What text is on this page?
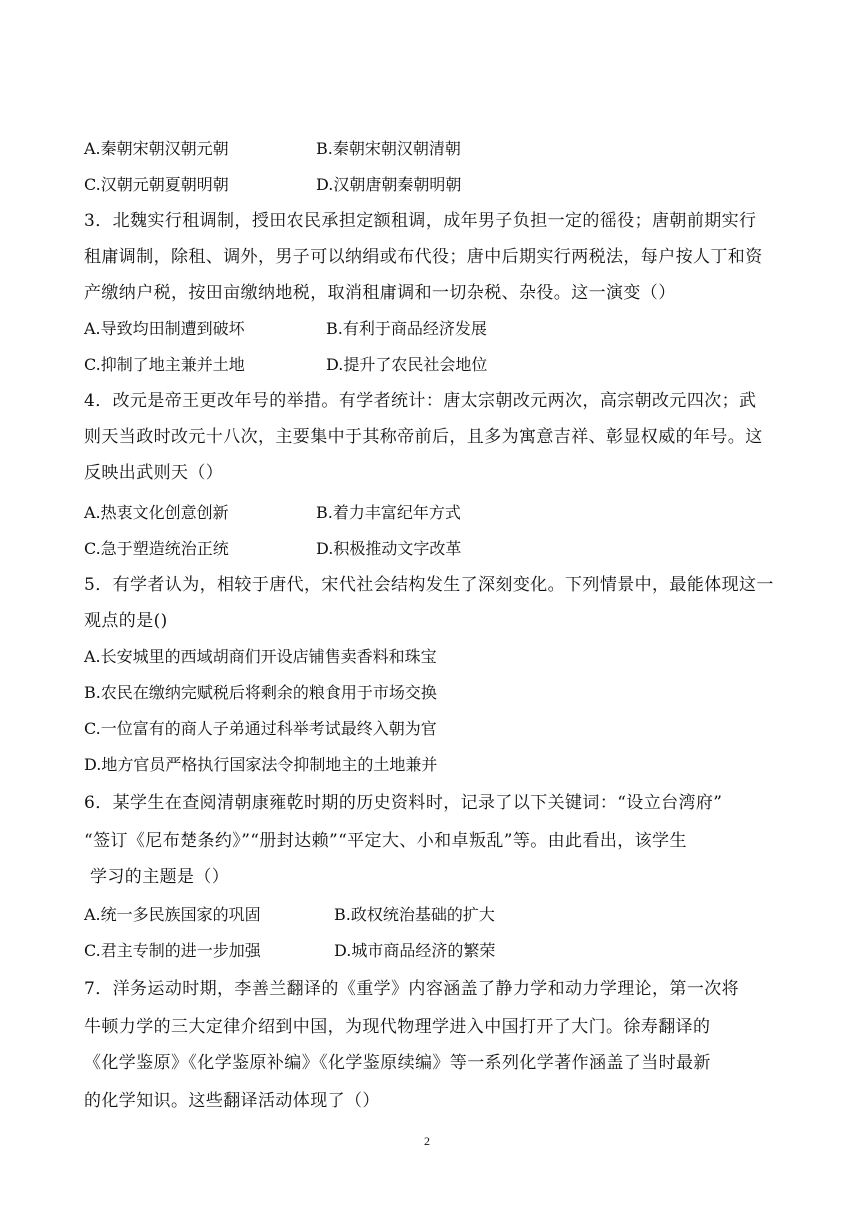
A.秦朝宋朝汉朝元朝	B.秦朝宋朝汉朝清朝
C.汉朝元朝夏朝明朝	D.汉朝唐朝秦朝明朝
3．北魏实行租调制，授田农民承担定额租调，成年男子负担一定的徭役；唐朝前期实行
租庸调制，除租、调外，男子可以纳绢或布代役；唐中后期实行两税法，每户按人丁和资
产缴纳户税，按田亩缴纳地税，取消租庸调和一切杂税、杂役。这一演变（）
A.导致均田制遭到破坏	B.有利于商品经济发展
C.抑制了地主兼并土地	D.提升了农民社会地位
4．改元是帝王更改年号的举措。有学者统计：唐太宗朝改元两次，高宗朝改元四次；武
则天当政时改元十八次，主要集中于其称帝前后，且多为寓意吉祥、彰显权威的年号。这
反映出武则天（）
A.热衷文化创意创新	B.着力丰富纪年方式
C.急于塑造统治正统	D.积极推动文字改革
5．有学者认为，相较于唐代，宋代社会结构发生了深刻变化。下列情景中，最能体现这一
观点的是()
A.长安城里的西域胡商们开设店铺售卖香料和珠宝
B.农民在缴纳完赋税后将剩余的粮食用于市场交换
C.一位富有的商人子弟通过科举考试最终入朝为官
D.地方官员严格执行国家法令抑制地主的土地兼并
6．某学生在查阅清朝康雍乾时期的历史资料时，记录了以下关键词：“设立台湾府”
“签订《尼布楚条约》”“册封达赖”“平定大、小和卓叛乱”等。由此看出，该学生
学习的主题是（）
A.统一多民族国家的巩固	B.政权统治基础的扩大
C.君主专制的进一步加强	D.城市商品经济的繁荣
7．洋务运动时期，李善兰翻译的《重学》内容涵盖了静力学和动力学理论，第一次将
牛顿力学的三大定律介绍到中国，为现代物理学进入中国打开了大门。徐寿翻译的
《化学鉴原》《化学鉴原补编》《化学鉴原续编》等一系列化学著作涵盖了当时最新
的化学知识。这些翻译活动体现了（）
2
